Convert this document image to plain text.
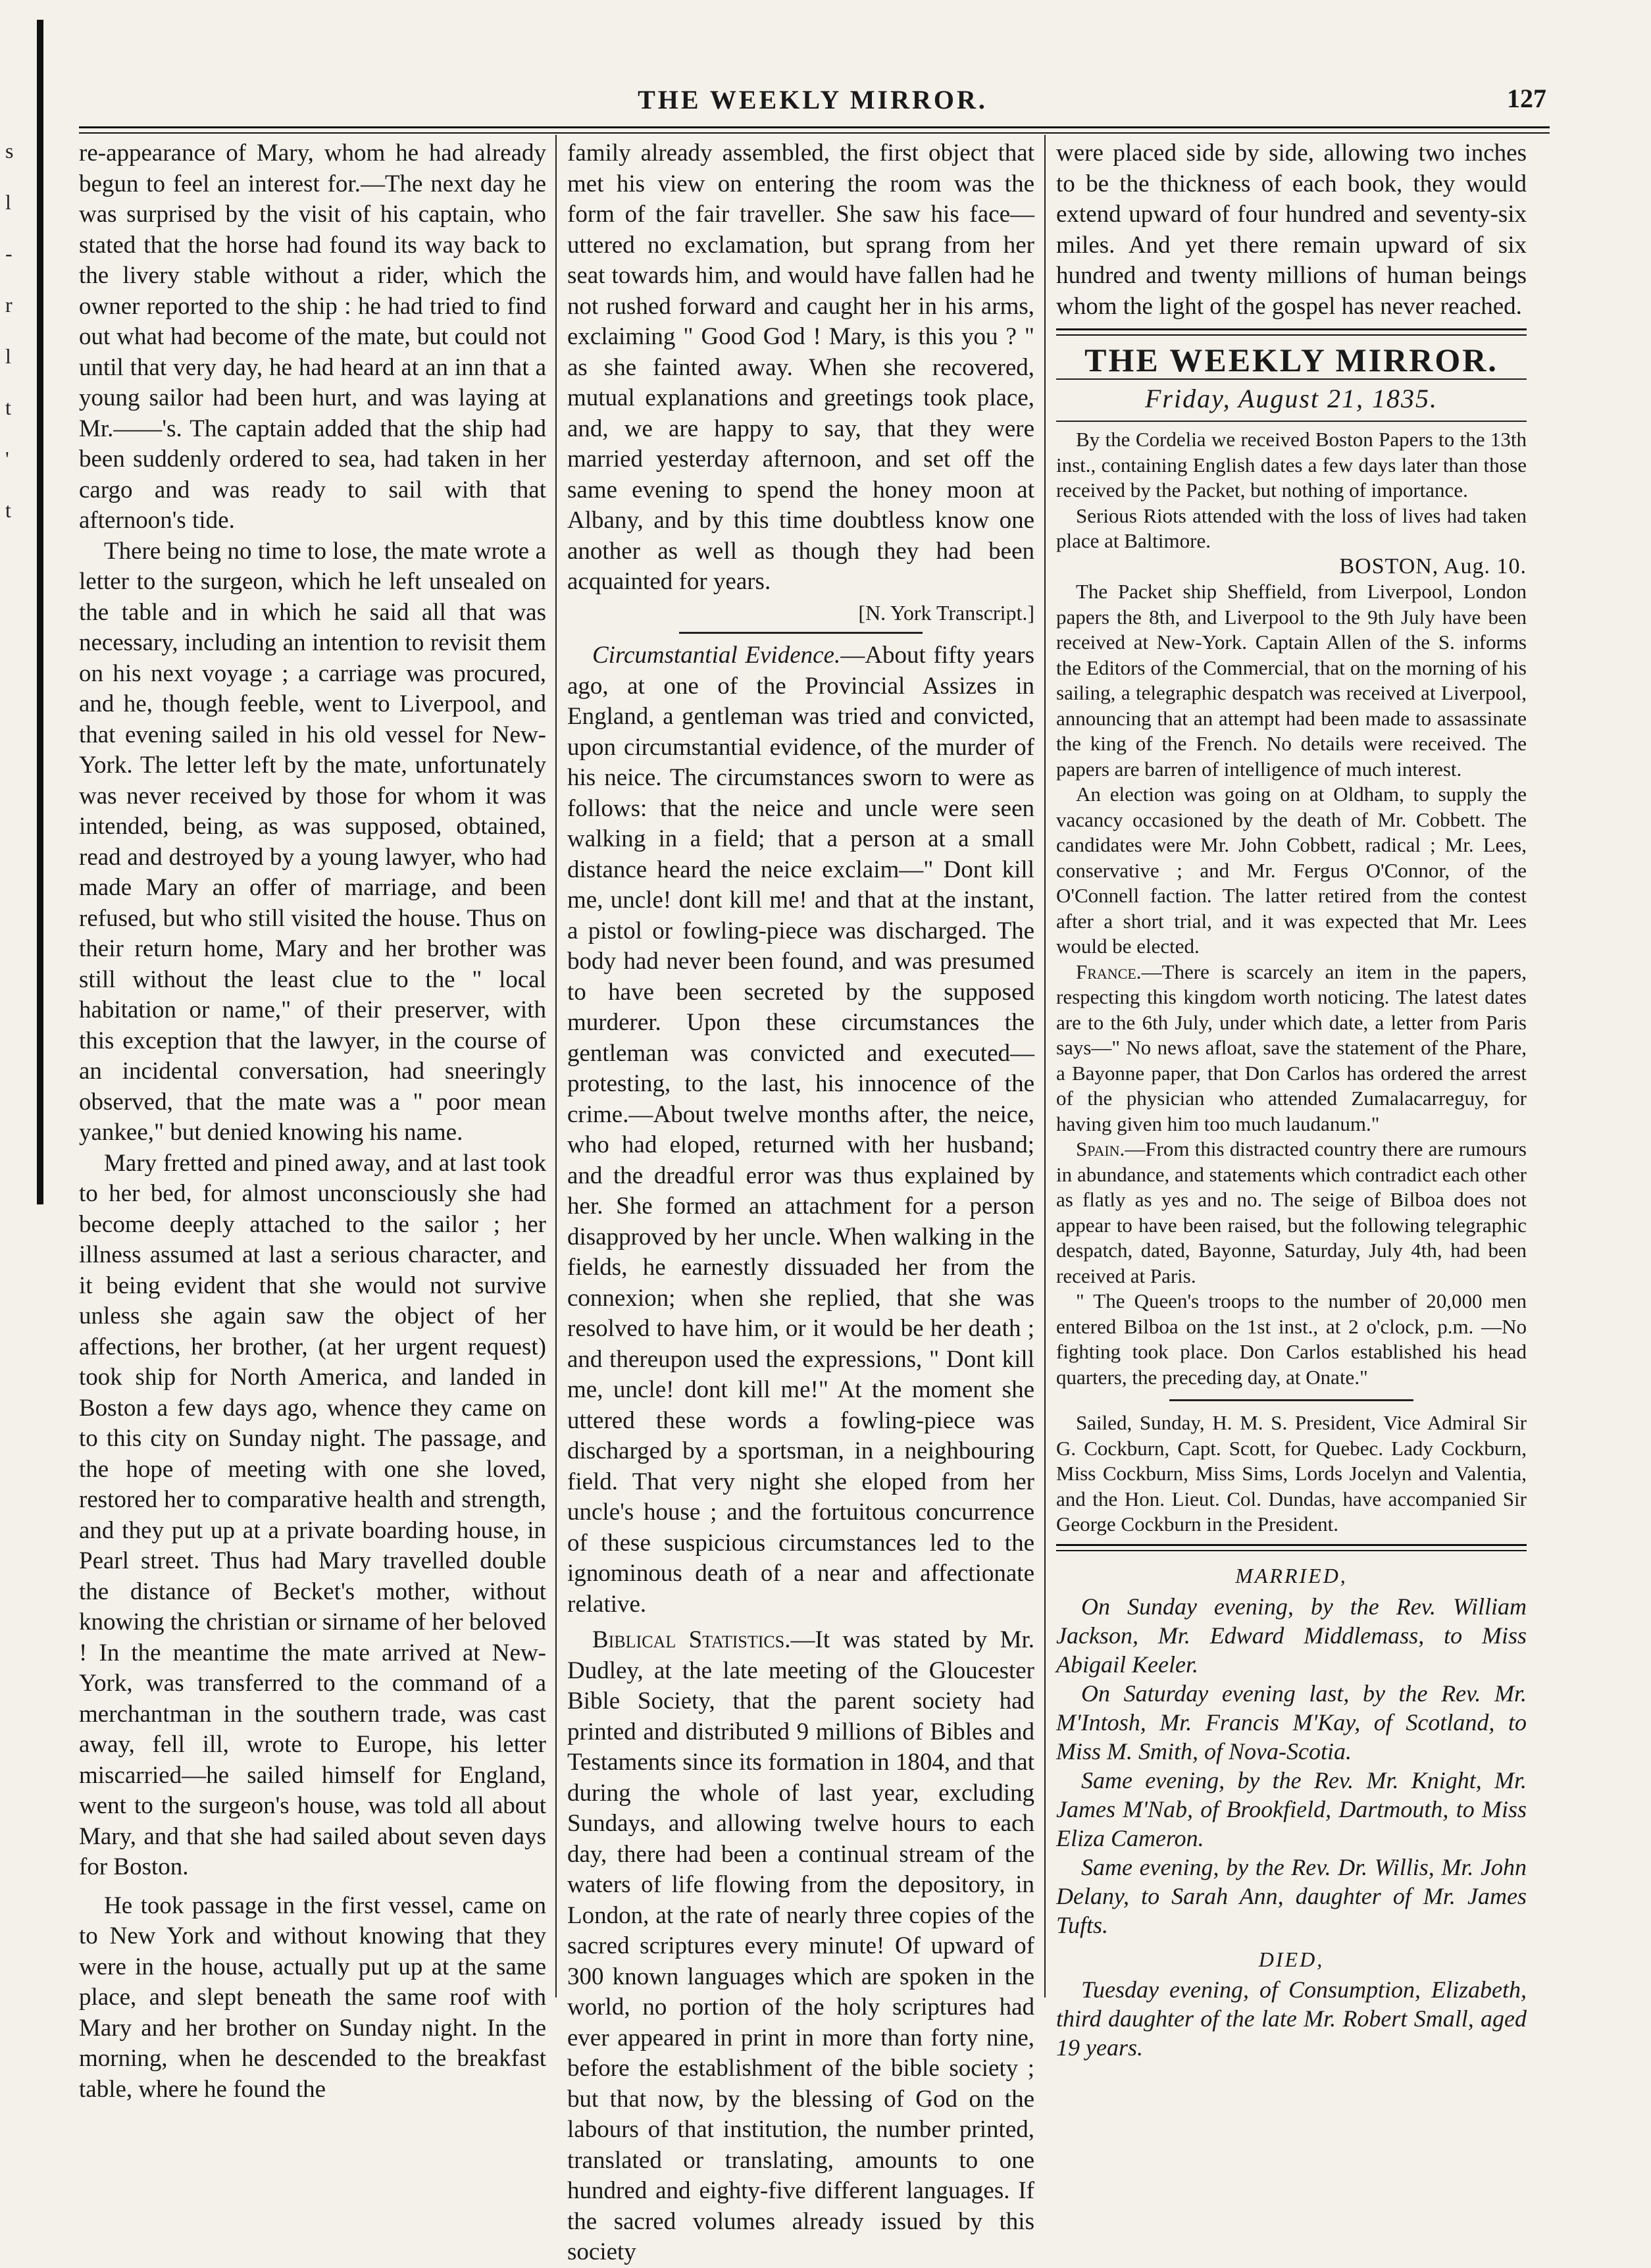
s
l
-
r
l
t
'
t
THE WEEKLY MIRROR.	127

re-appearance of Mary, whom he had already begun to feel an interest for.—The next day he was surprised by the visit of his captain, who stated that the horse had found its way back to the livery stable without a rider, which the owner reported to the ship : he had tried to find out what had become of the mate, but could not until that very day, he had heard at an inn that a young sailor had been hurt, and was laying at Mr.——'s. The captain added that the ship had been suddenly ordered to sea, had taken in her cargo and was ready to sail with that afternoon's tide.

There being no time to lose, the mate wrote a letter to the surgeon, which he left unsealed on the table and in which he said all that was necessary, including an intention to revisit them on his next voyage ; a carriage was procured, and he, though feeble, went to Liverpool, and that evening sailed in his old vessel for New-York. The letter left by the mate, unfortunately was never received by those for whom it was intended, being, as was supposed, obtained, read and destroyed by a young lawyer, who had made Mary an offer of marriage, and been refused, but who still visited the house. Thus on their return home, Mary and her brother was still without the least clue to the " local habitation or name," of their preserver, with this exception that the lawyer, in the course of an incidental conversation, had sneeringly observed, that the mate was a " poor mean yankee," but denied knowing his name.

Mary fretted and pined away, and at last took to her bed, for almost unconsciously she had become deeply attached to the sailor ; her illness assumed at last a serious character, and it being evident that she would not survive unless she again saw the object of her affections, her brother, (at her urgent request) took ship for North America, and landed in Boston a few days ago, whence they came on to this city on Sunday night. The passage, and the hope of meeting with one she loved, restored her to comparative health and strength, and they put up at a private boarding house, in Pearl street. Thus had Mary travelled double the distance of Becket's mother, without knowing the christian or sirname of her beloved ! In the meantime the mate arrived at New-York, was transferred to the command of a merchantman in the southern trade, was cast away, fell ill, wrote to Europe, his letter miscarried—he sailed himself for England, went to the surgeon's house, was told all about Mary, and that she had sailed about seven days for Boston.

He took passage in the first vessel, came on to New York and without knowing that they were in the house, actually put up at the same place, and slept beneath the same roof with Mary and her brother on Sunday night. In the morning, when he descended to the breakfast table, where he found the

family already assembled, the first object that met his view on entering the room was the form of the fair traveller. She saw his face—uttered no exclamation, but sprang from her seat towards him, and would have fallen had he not rushed forward and caught her in his arms, exclaiming " Good God ! Mary, is this you ? " as she fainted away. When she recovered, mutual explanations and greetings took place, and, we are happy to say, that they were married yesterday afternoon, and set off the same evening to spend the honey moon at Albany, and by this time doubtless know one another as well as though they had been acquainted for years.

[N. York Transcript.]

Circumstantial Evidence.—About fifty years ago, at one of the Provincial Assizes in England, a gentleman was tried and convicted, upon circumstantial evidence, of the murder of his neice. The circumstances sworn to were as follows: that the neice and uncle were seen walking in a field; that a person at a small distance heard the neice exclaim—" Dont kill me, uncle! dont kill me! and that at the instant, a pistol or fowling-piece was discharged. The body had never been found, and was presumed to have been secreted by the supposed murderer. Upon these circumstances the gentleman was convicted and executed—protesting, to the last, his innocence of the crime.—About twelve months after, the neice, who had eloped, returned with her husband; and the dreadful error was thus explained by her. She formed an attachment for a person disapproved by her uncle. When walking in the fields, he earnestly dissuaded her from the connexion; when she replied, that she was resolved to have him, or it would be her death ; and thereupon used the expressions, " Dont kill me, uncle! dont kill me!" At the moment she uttered these words a fowling-piece was discharged by a sportsman, in a neighbouring field. That very night she eloped from her uncle's house ; and the fortuitous concurrence of these suspicious circumstances led to the ignominous death of a near and affectionate relative.

Biblical Statistics.—It was stated by Mr. Dudley, at the late meeting of the Gloucester Bible Society, that the parent society had printed and distributed 9 millions of Bibles and Testaments since its formation in 1804, and that during the whole of last year, excluding Sundays, and allowing twelve hours to each day, there had been a continual stream of the waters of life flowing from the depository, in London, at the rate of nearly three copies of the sacred scriptures every minute! Of upward of 300 known languages which are spoken in the world, no portion of the holy scriptures had ever appeared in print in more than forty nine, before the establishment of the bible society ; but that now, by the blessing of God on the labours of that institution, the number printed, translated or translating, amounts to one hundred and eighty-five different languages. If the sacred volumes already issued by this society

were placed side by side, allowing two inches to be the thickness of each book, they would extend upward of four hundred and seventy-six miles. And yet there remain upward of six hundred and twenty millions of human beings whom the light of the gospel has never reached.

THE WEEKLY MIRROR.
Friday, August 21, 1835.

By the Cordelia we received Boston Papers to the 13th inst., containing English dates a few days later than those received by the Packet, but nothing of importance.

Serious Riots attended with the loss of lives had taken place at Baltimore.

BOSTON, Aug. 10.

The Packet ship Sheffield, from Liverpool, London papers the 8th, and Liverpool to the 9th July have been received at New-York. Captain Allen of the S. informs the Editors of the Commercial, that on the morning of his sailing, a telegraphic despatch was received at Liverpool, announcing that an attempt had been made to assassinate the king of the French. No details were received. The papers are barren of intelligence of much interest.

An election was going on at Oldham, to supply the vacancy occasioned by the death of Mr. Cobbett. The candidates were Mr. John Cobbett, radical ; Mr. Lees, conservative ; and Mr. Fergus O'Connor, of the O'Connell faction. The latter retired from the contest after a short trial, and it was expected that Mr. Lees would be elected.

France.—There is scarcely an item in the papers, respecting this kingdom worth noticing. The latest dates are to the 6th July, under which date, a letter from Paris says—" No news afloat, save the statement of the Phare, a Bayonne paper, that Don Carlos has ordered the arrest of the physician who attended Zumalacarreguy, for having given him too much laudanum."

Spain.—From this distracted country there are rumours in abundance, and statements which contradict each other as flatly as yes and no. The seige of Bilboa does not appear to have been raised, but the following telegraphic despatch, dated, Bayonne, Saturday, July 4th, had been received at Paris.

" The Queen's troops to the number of 20,000 men entered Bilboa on the 1st inst., at 2 o'clock, p.m. —No fighting took place. Don Carlos established his head quarters, the preceding day, at Onate."

Sailed, Sunday, H. M. S. President, Vice Admiral Sir G. Cockburn, Capt. Scott, for Quebec. Lady Cockburn, Miss Cockburn, Miss Sims, Lords Jocelyn and Valentia, and the Hon. Lieut. Col. Dundas, have accompanied Sir George Cockburn in the President.

MARRIED,

On Sunday evening, by the Rev. William Jackson, Mr. Edward Middlemass, to Miss Abigail Keeler.

On Saturday evening last, by the Rev. Mr. M'Intosh, Mr. Francis M'Kay, of Scotland, to Miss M. Smith, of Nova-Scotia.

Same evening, by the Rev. Mr. Knight, Mr. James M'Nab, of Brookfield, Dartmouth, to Miss Eliza Cameron.

Same evening, by the Rev. Dr. Willis, Mr. John Delany, to Sarah Ann, daughter of Mr. James Tufts.

DIED,

Tuesday evening, of Consumption, Elizabeth, third daughter of the late Mr. Robert Small, aged 19 years.
